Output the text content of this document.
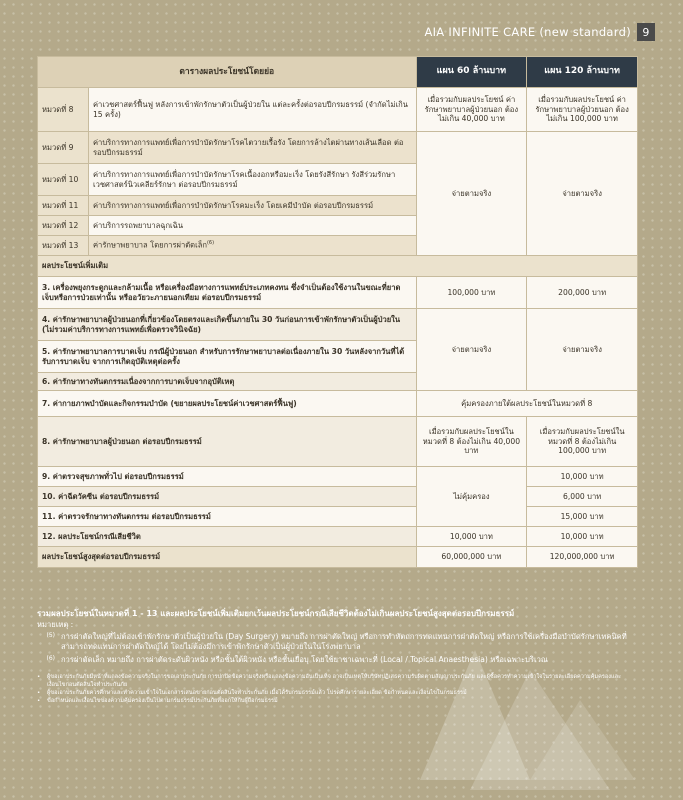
AIA INFINITE CARE (new standard)	9
ตารางผลประโยชน์โดยย่อ		แผน 60 ล้านบาท	แผน 120 ล้านบาท
หมวดที่ 8	ค่าเวชศาสตร์ฟื้นฟู หลังการเข้าพักรักษาตัวเป็นผู้ป่วยใน แต่ละครั้งต่อรอบปีกรมธรรม์ (จำกัดไม่เกิน 15 ครั้ง)	เมื่อรวมกับผลประโยชน์ ค่ารักษาพยาบาลผู้ป่วยนอก ต้องไม่เกิน 40,000 บาท	เมื่อรวมกับผลประโยชน์ ค่ารักษาพยาบาลผู้ป่วยนอก ต้องไม่เกิน 100,000 บาท
หมวดที่ 9	ค่าบริการทางการแพทย์เพื่อการบำบัดรักษาโรคไตวายเรื้อรัง โดยการล้างไตผ่านทางเส้นเลือด ต่อรอบปีกรมธรรม์	จ่ายตามจริง	จ่ายตามจริง
หมวดที่ 10	ค่าบริการทางการแพทย์เพื่อการบำบัดรักษาโรคเนื้องอกหรือมะเร็ง โดยรังสีรักษา รังสีร่วมรักษา เวชศาสตร์นิวเคลียร์รักษา ต่อรอบปีกรมธรรม์		
หมวดที่ 11	ค่าบริการทางการแพทย์เพื่อการบำบัดรักษาโรคมะเร็ง โดยเคมีบำบัด ต่อรอบปีกรมธรรม์		
หมวดที่ 12	ค่าบริการรถพยาบาลฉุกเฉิน		
หมวดที่ 13	ค่ารักษาพยาบาล โดยการผ่าตัดเล็ก$^{(6)}$
ผลประโยชน์เพิ่มเติม			
3. เครื่องพยุงกระดูกและกล้ามเนื้อ หรือเครื่องมือทางการแพทย์ประเภทคงทน ซึ่งจำเป็นต้องใช้งานในขณะที่ยาดเจ็บหรือการป่วยเท่านั้น หรืออวัยวะภายนอกเทียม ต่อรอบปีกรมธรรม์		100,000 บาท	200,000 บาท
4. ค่ารักษาพยาบาลผู้ป่วยนอกที่เกี่ยวข้องโดยตรงและเกิดขึ้นภายใน 30 วันก่อนการเข้าพักรักษาตัวเป็นผู้ป่วยใน (ไม่รวมค่าบริการทางการแพทย์เพื่อตรวจวินิจฉัย)		จ่ายตามจริง	จ่ายตามจริง
5. ค่ารักษาพยาบาลการบาดเจ็บ กรณีผู้ป่วยนอก สำหรับการรักษาพยาบาลต่อเนื่องภายใน 30 วันหลังจากวันที่ได้รับการบาดเจ็บ จากการเกิดอุบัติเหตุต่อครั้ง			
6. ค่ารักษาทางทันตกรรมเนื่องจากการบาดเจ็บจากอุบัติเหตุ			
7. ค่ากายภาพบำบัดและกิจกรรมบำบัด (ขยายผลประโยชน์ค่าเวชศาสตร์ฟื้นฟู)		คุ้มครองภายใต้ผลประโยชน์ในหมวดที่ 8	
8. ค่ารักษาพยาบาลผู้ป่วยนอก ต่อรอบปีกรมธรรม์		เมื่อรวมกับผลประโยชน์ใน หมวดที่ 8 ต้องไม่เกิน 40,000 บาท	เมื่อรวมกับผลประโยชน์ใน หมวดที่ 8 ต้องไม่เกิน 100,000 บาท
9. ค่าตรวจสุขภาพทั่วไป ต่อรอบปีกรมธรรม์		ไม่คุ้มครอง	10,000 บาท
10. ค่าฉีดวัคซีน ต่อรอบปีกรมธรรม์			6,000 บาท
11. ค่าตรวจรักษาทางทันตกรรม ต่อรอบปีกรมธรรม์			15,000 บาท
12. ผลประโยชน์กรณีเสียชีวิต		10,000 บาท	10,000 บาท
ผลประโยชน์สูงสุดต่อรอบปีกรมธรรม์		60,000,000 บาท	120,000,000 บาท
รวมผลประโยชน์ในหมวดที่ 1 - 13 และผลประโยชน์เพิ่มเติมยกเว้นผลประโยชน์กรณีเสียชีวิตต้องไม่เกินผลประโยชน์สูงสุดต่อรอบปีกรมธรรม์
หมายเหตุ :
(5) การผ่าตัดใหญ่ที่ไม่ต้องเข้าพักรักษาตัวเป็นผู้ป่วยใน (Day Surgery) หมายถึง การผ่าตัดใหญ่ หรือการทำหัตถการทดแทนการผ่าตัดใหญ่ หรือการใช้เครื่องมือบำบัดรักษาเทคนิคที่สามารถทดแทนการผ่าตัดใหญ่ได้ โดยไม่ต้องมีการเข้าพักรักษาตัวเป็นผู้ป่วยในในโรงพยาบาล
(6) การผ่าตัดเล็ก หมายถึง การผ่าตัดระดับผิวหนัง หรือชั้นใต้ผิวหนัง หรือชั้นเยื่อบุ โดยใช้ยาชาเฉพาะที่ (Local / Topical Anaesthesia) หรือเฉพาะบริเวณ
•	ผู้ขอเอาประกันภัยมีหน้าที่แถลงข้อความจริงในการขอเอาประกันภัย การปกปิดข้อความจริงหรือแถลงข้อความอันเป็นเท็จ อาจเป็นเหตุให้บริษัทปฏิเสธความรับผิดตามสัญญาประกันภัย และผู้ซื้อควรทำความเข้าใจในรายละเอียดความคุ้มครองและเงื่อนไขก่อนตัดสินใจทำประกันภัย
•	ผู้ขอเอาประกันภัยควรศึกษาและทำความเข้าใจในเอกสารเสนอขายก่อนตัดสินใจทำประกันภัย เมื่อได้รับกรมธรรม์แล้ว โปรดศึกษารายละเอียด ข้อกำหนดและเงื่อนไขในกรมธรรม์
•	ข้อกำหนดและเงื่อนไขของความคุ้มครองเป็นไปตามกรมธรรม์ประกันภัยที่ออกให้กับผู้ถือกรมธรรม์
